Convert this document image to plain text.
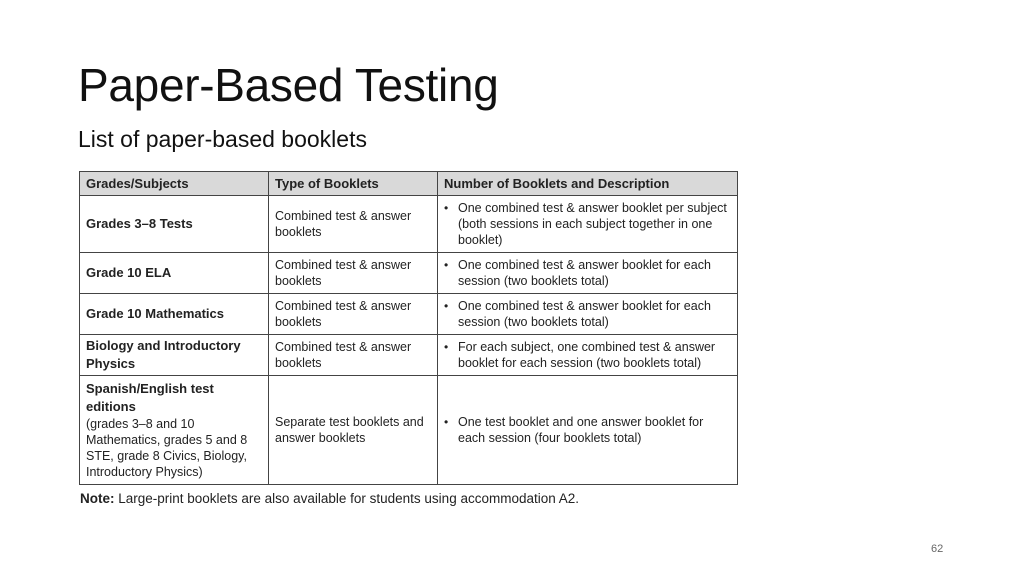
Paper-Based Testing

List of paper-based booklets

Grades/Subjects	Type of Booklets	Number of Booklets and Description
Grades 3–8 Tests	Combined test & answer booklets	• One combined test & answer booklet per subject (both sessions in each subject together in one booklet)

Grade 10 ELA	Combined test & answer booklets	• One combined test & answer booklet for each session (two booklets total)

Grade 10 Mathematics	Combined test & answer booklets	• One combined test & answer booklet for each session (two booklets total)

Biology and Introductory Physics	Combined test & answer booklets	• For each subject, one combined test & answer booklet for each session (two booklets total)

Spanish/English test editions
(grades 3–8 and 10 Mathematics, grades 5 and 8 STE, grade 8 Civics, Biology, Introductory Physics)	Separate test booklets and answer booklets	• One test booklet and one answer booklet for each session (four booklets total)

Note: Large-print booklets are also available for students using accommodation A2.

62
